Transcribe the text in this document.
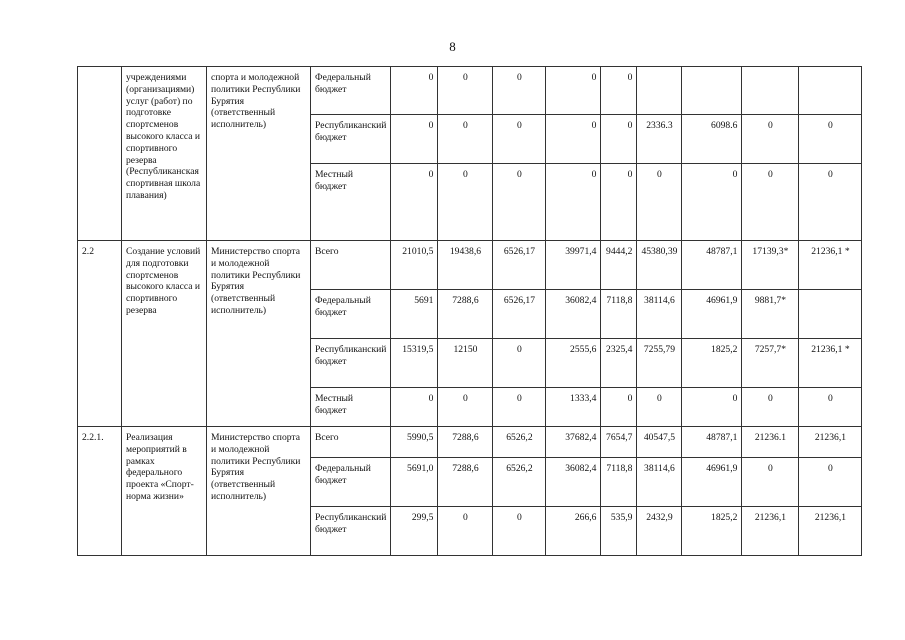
8
	учреждениями (организациями) услуг (работ) по подготовке спортсменов высокого класса и спортивного резерва (Республиканская спортивная школа плавания)	спорта и молодежной политики Республики Бурятия (ответственный исполнитель)	Федеральный бюджет	0	0	0	0	0				
			Республиканский бюджет	0	0	0	0	0	2336.3	6098.6	0	0
			Местный бюджет	0	0	0	0	0	0	0	0	0
2.2	Создание условий для подготовки спортсменов высокого класса и спортивного резерва	Министерство спорта и молодежной политики Республики Бурятия (ответственный исполнитель)	Всего	21010,5	19438,6	6526,17	39971,4	9444,2	45380,39	48787,1	17139,3*	21236,1 *
			Федеральный бюджет	5691	7288,6	6526,17	36082,4	7118,8	38114,6	46961,9	9881,7*	
			Республиканский бюджет	15319,5	12150	0	2555,6	2325,4	7255,79	1825,2	7257,7*	21236,1 *
			Местный бюджет	0	0	0	1333,4	0	0	0	0	0
2.2.1.	Реализация мероприятий в рамках федерального проекта «Спорт-норма жизни»	Министерство спорта и молодежной политики Республики Бурятия (ответственный исполнитель)	Всего	5990,5	7288,6	6526,2	37682,4	7654,7	40547,5	48787,1	21236.1	21236,1
			Федеральный бюджет	5691,0	7288,6	6526,2	36082,4	7118,8	38114,6	46961,9	0	0
			Республиканский бюджет	299,5	0	0	266,6	535,9	2432,9	1825,2	21236,1	21236,1
